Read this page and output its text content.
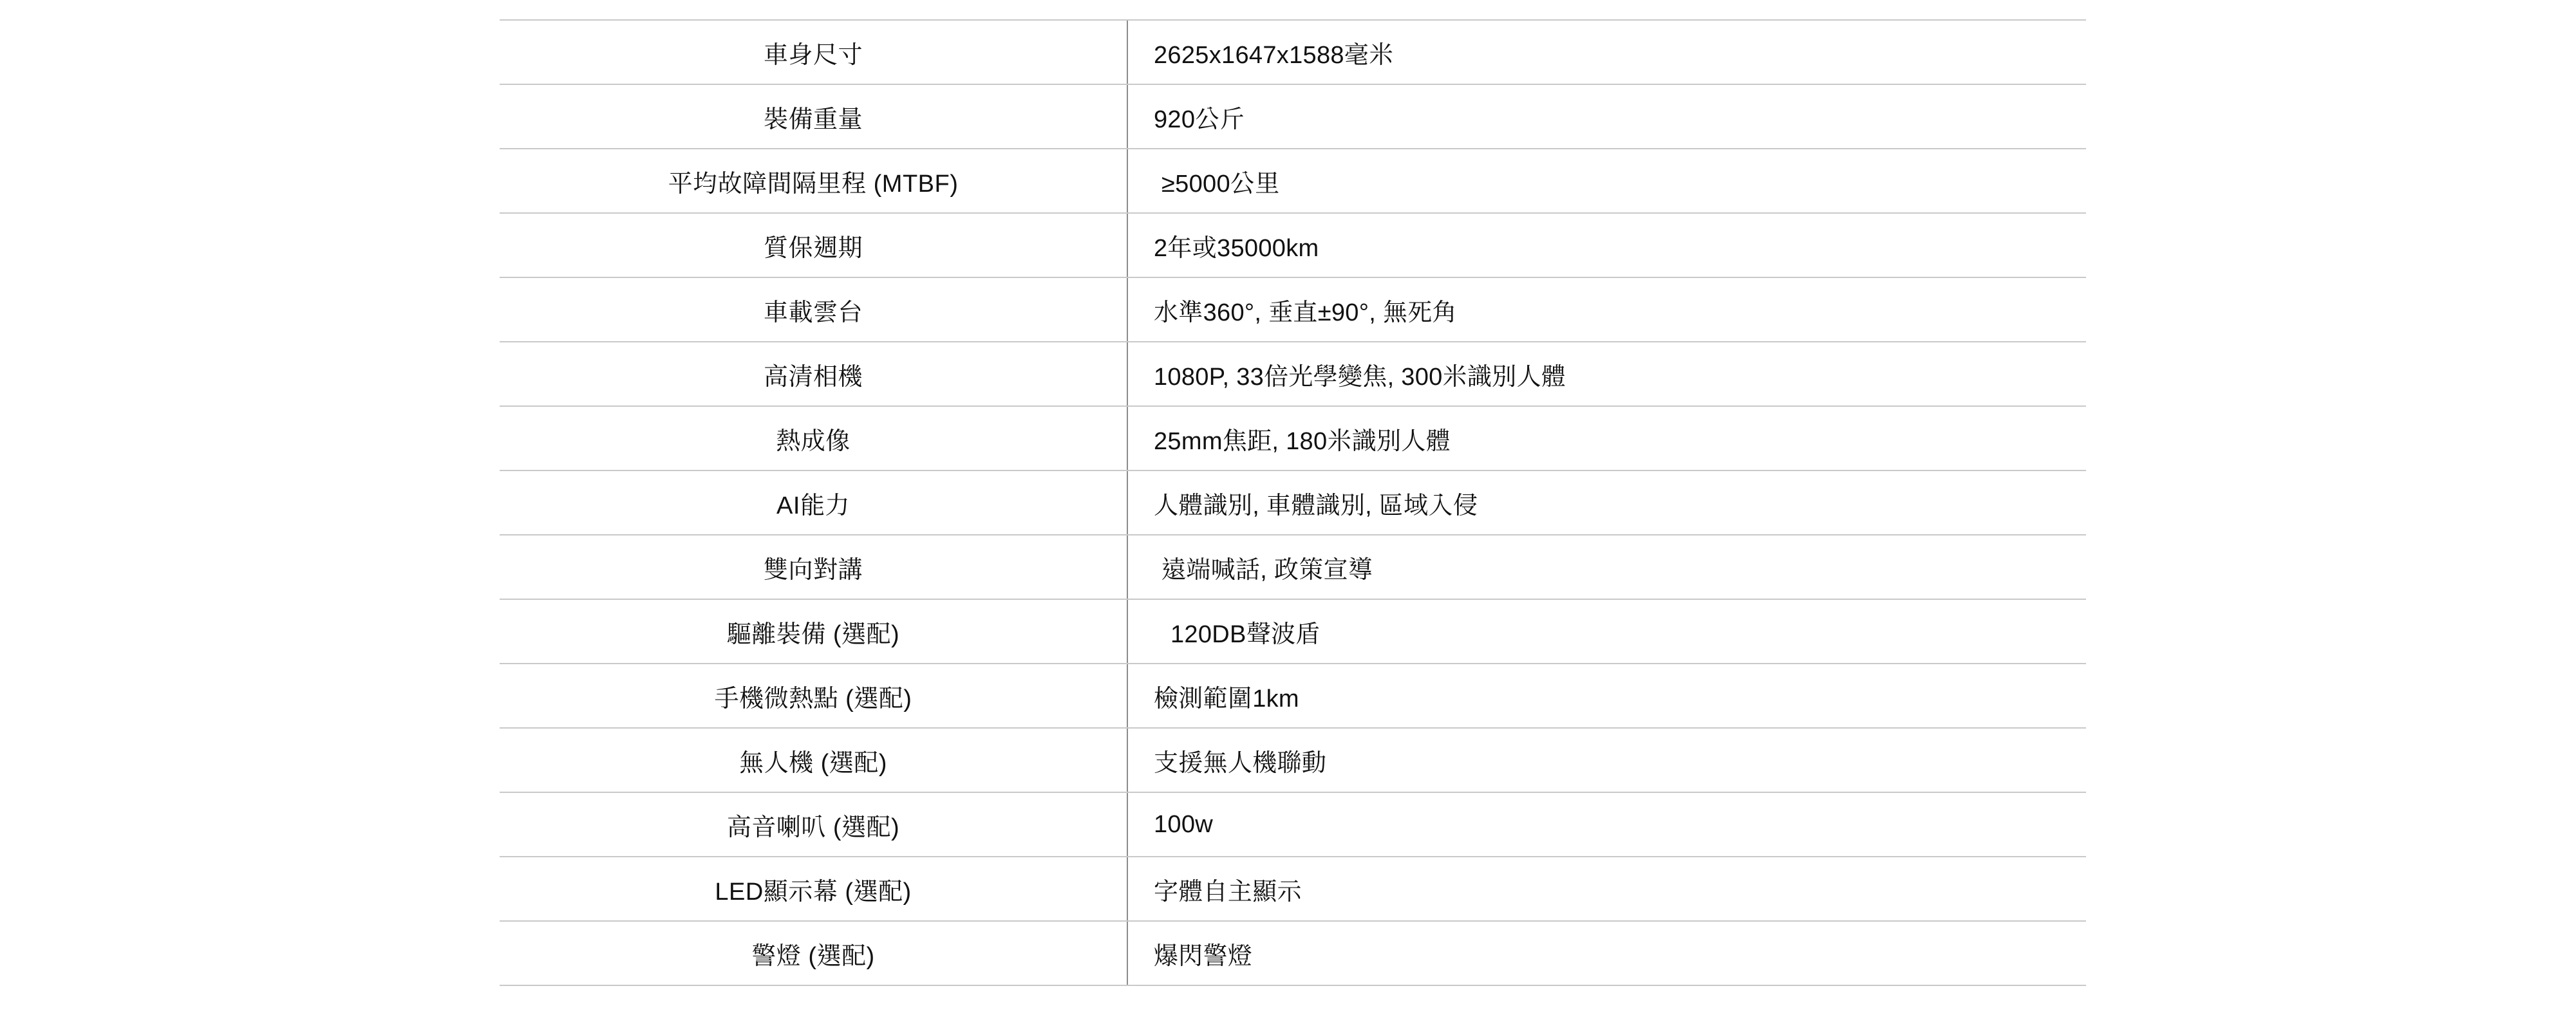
車身尺寸	2625x1647x1588毫米
裝備重量	920公斤
平均故障間隔里程 (MTBF)	≥5000公里
質保週期	2年或35000km
車載雲台	水準360°, 垂直±90°, 無死角
高清相機	1080P, 33倍光學變焦, 300米識別人體
熱成像	25mm焦距, 180米識別人體
AI能力	人體識別, 車體識別, 區域入侵
雙向對講	遠端喊話, 政策宣導
驅離裝備 (選配)	120DB聲波盾
手機微熱點 (選配)	檢測範圍1km
無人機 (選配)	支援無人機聯動
高音喇叭 (選配)	100w
LED顯示幕 (選配)	字體自主顯示
警燈 (選配)	爆閃警燈
